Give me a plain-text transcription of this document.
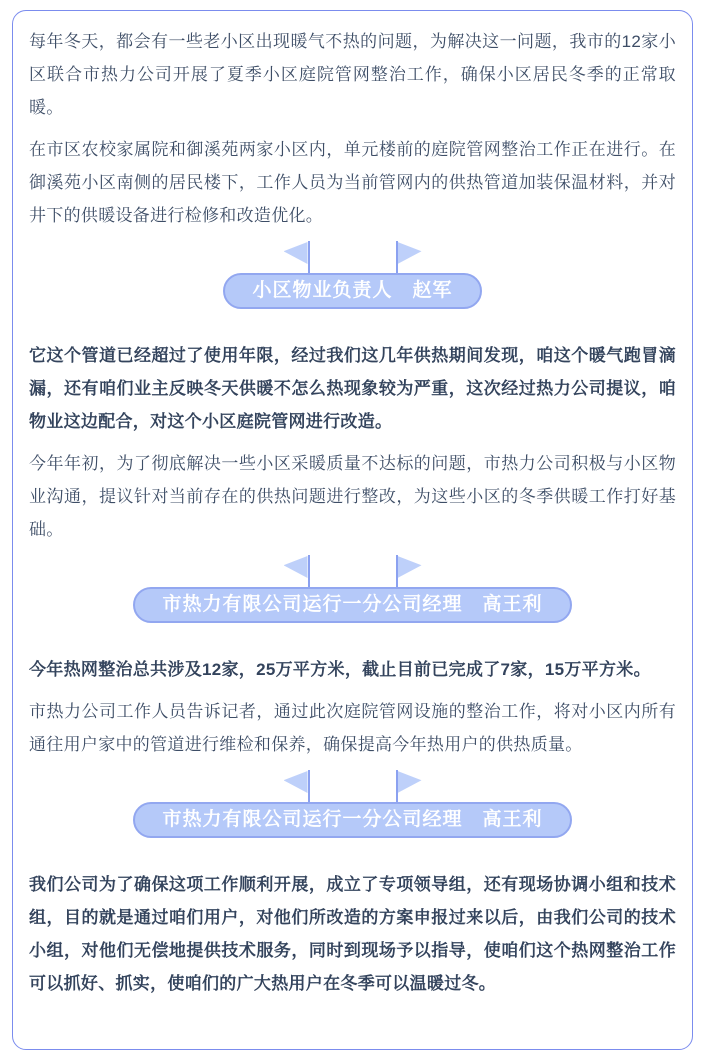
每年冬天，都会有一些老小区出现暖气不热的问题，为解决这一问题，我市的12家小区联合市热力公司开展了夏季小区庭院管网整治工作，确保小区居民冬季的正常取暖。

在市区农校家属院和御溪苑两家小区内，单元楼前的庭院管网整治工作正在进行。在御溪苑小区南侧的居民楼下，工作人员为当前管网内的供热管道加装保温材料，并对井下的供暖设备进行检修和改造优化。

小区物业负责人　赵军

它这个管道已经超过了使用年限，经过我们这几年供热期间发现，咱这个暖气跑冒滴漏，还有咱们业主反映冬天供暖不怎么热现象较为严重，这次经过热力公司提议，咱物业这边配合，对这个小区庭院管网进行改造。

今年年初，为了彻底解决一些小区采暖质量不达标的问题，市热力公司积极与小区物业沟通，提议针对当前存在的供热问题进行整改，为这些小区的冬季供暖工作打好基础。

市热力有限公司运行一分公司经理　高王利

今年热网整治总共涉及12家，25万平方米，截止目前已完成了7家，15万平方米。

市热力公司工作人员告诉记者，通过此次庭院管网设施的整治工作，将对小区内所有通往用户家中的管道进行维检和保养，确保提高今年热用户的供热质量。

市热力有限公司运行一分公司经理　高王利

我们公司为了确保这项工作顺利开展，成立了专项领导组，还有现场协调小组和技术组，目的就是通过咱们用户，对他们所改造的方案申报过来以后，由我们公司的技术小组，对他们无偿地提供技术服务，同时到现场予以指导，使咱们这个热网整治工作可以抓好、抓实，使咱们的广大热用户在冬季可以温暖过冬。
